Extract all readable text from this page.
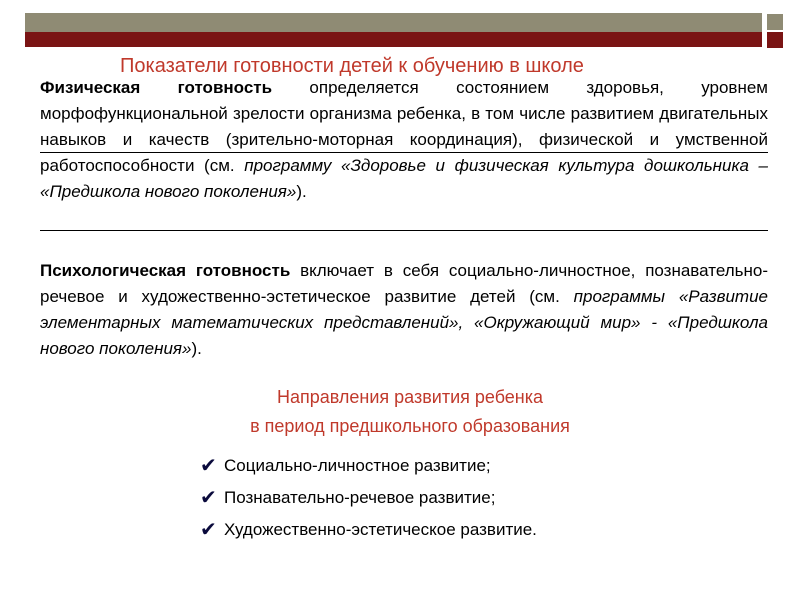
Физическая готовность определяется состоянием здоровья, уровнем морфофункциональной зрелости организма ребенка, в том числе развитием двигательных навыков и качеств (зрительно-моторная координация), физической и умственной работоспособности (см. программу «Здоровье и физическая культура дошкольника – «Предшкола нового поколения»).

Показатели готовности детей к обучению в школе

Психологическая готовность включает в себя социально-личностное, познавательно-речевое и художественно-эстетическое развитие детей (см. программы «Развитие элементарных математических представлений», «Окружающий мир» - «Предшкола нового поколения»).

Направления развития ребенка
в период предшкольного образования
✔ Социально-личностное развитие;
✔ Познавательно-речевое развитие;
✔ Художественно-эстетическое развитие.
